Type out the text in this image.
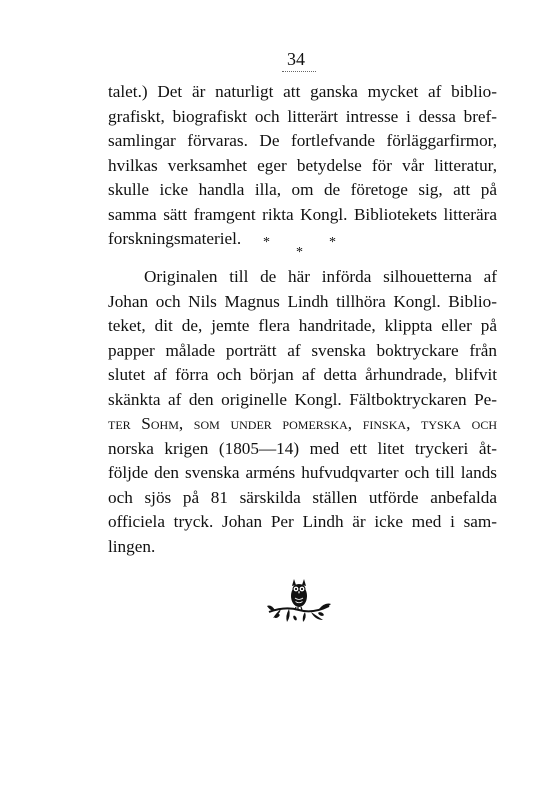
34
talet.) Det är naturligt att ganska mycket af biblio-
grafiskt, biografiskt och litterärt intresse i dessa bref-
samlingar förvaras. De fortlefvande förläggarfirmor,
hvilkas verksamhet eger betydelse för vår litteratur,
skulle icke handla illa, om de företoge sig, att på
samma sätt framgent rikta Kongl. Bibliotekets litterära
forskningsmateriel.	*
*
*
Originalen till de här införda silhouetterna af
Johan och Nils Magnus Lindh tillhöra Kongl. Biblio-
teket, dit de, jemte flera handritade, klippta eller på
papper målade porträtt af svenska boktryckare från
slutet af förra och början af detta århundrade, blifvit
skänkta af den originelle Kongl. Fältboktryckaren Pe-
ter Sohm, som under pomerska, finska, tyska och
norska krigen (1805—14) med ett litet tryckeri åt-
följde den svenska arméns hufvudqvarter och till lands
och sjös på 81 särskilda ställen utförde anbefalda
officiela tryck. Johan Per Lindh är icke med i sam-
lingen.
